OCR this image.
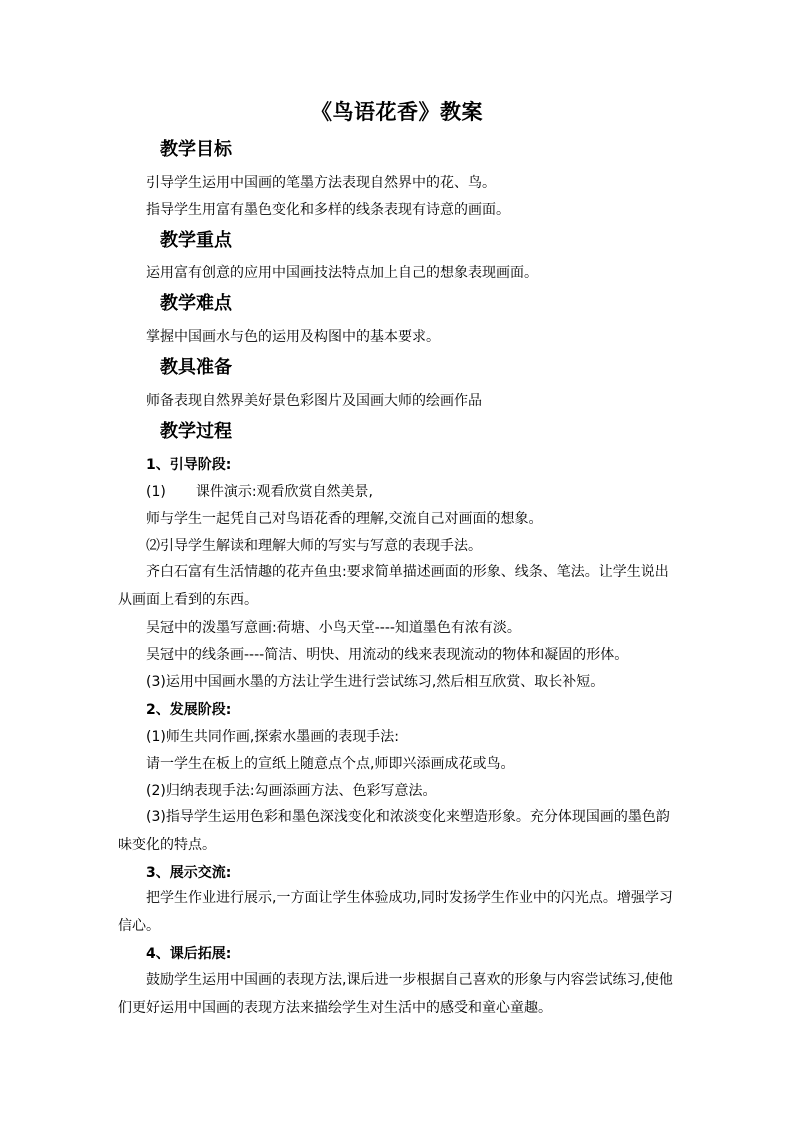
《鸟语花香》教案
教学目标
引导学生运用中国画的笔墨方法表现自然界中的花、鸟。
指导学生用富有墨色变化和多样的线条表现有诗意的画面。
教学重点
运用富有创意的应用中国画技法特点加上自己的想象表现画面。
教学难点
掌握中国画水与色的运用及构图中的基本要求。
教具准备
师备表现自然界美好景色彩图片及国画大师的绘画作品
教学过程
1、引导阶段:
(1) 课件演示:观看欣赏自然美景,
师与学生一起凭自己对鸟语花香的理解,交流自己对画面的想象。
⑵引导学生解读和理解大师的写实与写意的表现手法。
齐白石富有生活情趣的花卉鱼虫:要求简单描述画面的形象、线条、笔法。让学生说出从画面上看到的东西。
吴冠中的泼墨写意画:荷塘、小鸟天堂----知道墨色有浓有淡。
吴冠中的线条画----简洁、明快、用流动的线来表现流动的物体和凝固的形体。
(3)运用中国画水墨的方法让学生进行尝试练习,然后相互欣赏、取长补短。
2、发展阶段:
(1)师生共同作画,探索水墨画的表现手法:
请一学生在板上的宣纸上随意点个点,师即兴添画成花或鸟。
(2)归纳表现手法:勾画添画方法、色彩写意法。
(3)指导学生运用色彩和墨色深浅变化和浓淡变化来塑造形象。充分体现国画的墨色韵味变化的特点。
3、展示交流:
把学生作业进行展示,一方面让学生体验成功,同时发扬学生作业中的闪光点。增强学习信心。
4、课后拓展:
鼓励学生运用中国画的表现方法,课后进一步根据自己喜欢的形象与内容尝试练习,使他们更好运用中国画的表现方法来描绘学生对生活中的感受和童心童趣。
